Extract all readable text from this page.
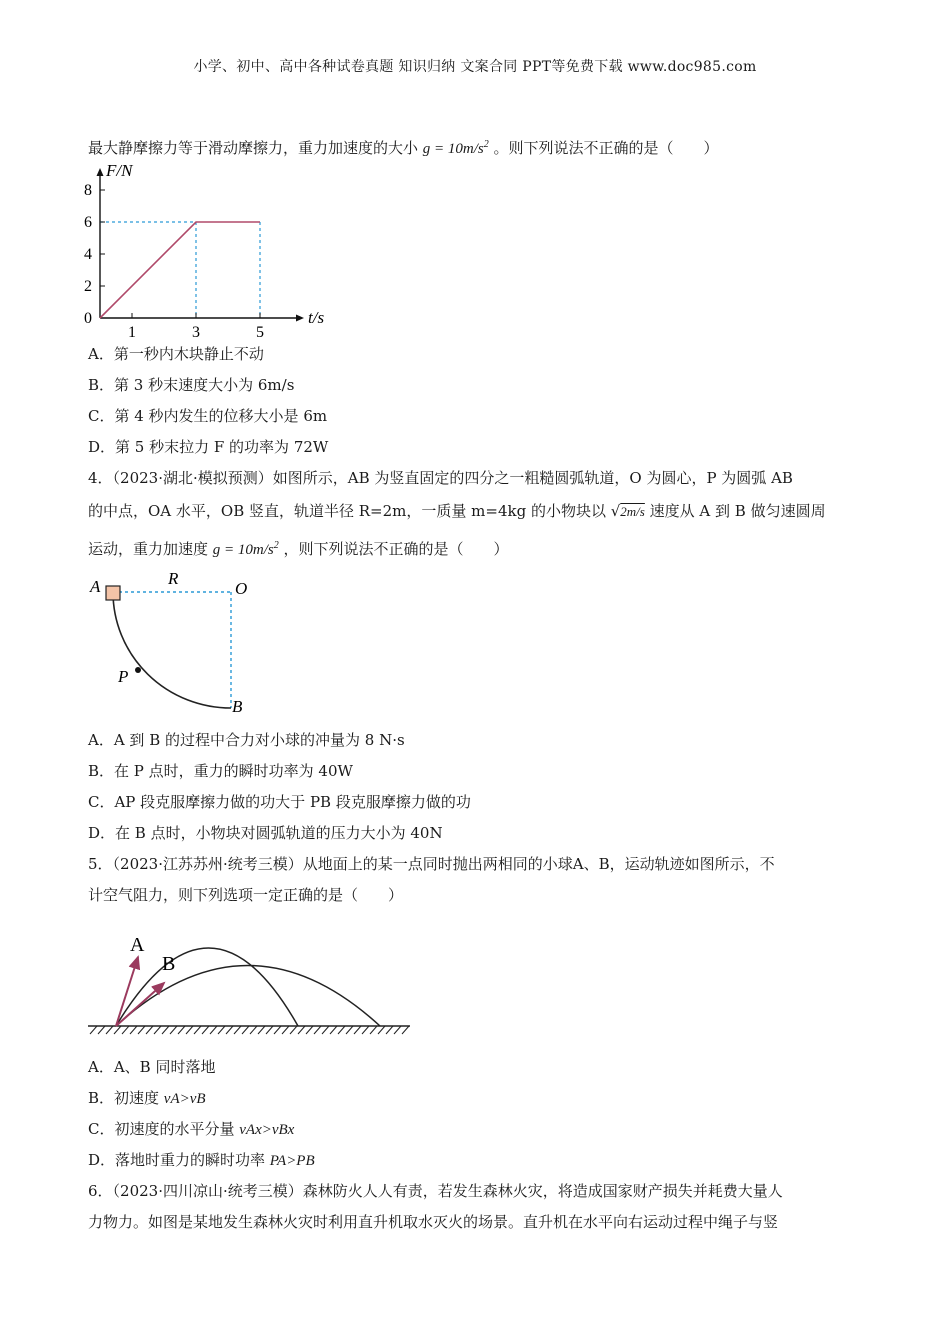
小学、初中、高中各种试卷真题 知识归纳 文案合同 PPT等免费下载 www.doc985.com
最大静摩擦力等于滑动摩擦力，重力加速度的大小 $g = 10m/s^2$ 。则下列说法不正确的是（　　）
0
2
4
6
8
1	3	5
t/s
F/N
A．第一秒内木块静止不动
B．第 3 秒末速度大小为 6m/s
C．第 4 秒内发生的位移大小是 6m
D．第 5 秒末拉力 F 的功率为 72W
4．（2023·湖北·模拟预测）如图所示，AB 为竖直固定的四分之一粗糙圆弧轨道，O 为圆心，P 为圆弧 AB
的中点，OA 水平，OB 竖直，轨道半径 R=2m，一质量 m=4kg 的小物块以 √2m/s 速度从 A 到 B 做匀速圆周
运动，重力加速度 $g = 10m/s^2$ ，则下列说法不正确的是（　　）
A	R
O
P
B
A．A 到 B 的过程中合力对小球的冲量为 8 N·s
B．在 P 点时，重力的瞬时功率为 40W
C．AP 段克服摩擦力做的功大于 PB 段克服摩擦力做的功
D．在 B 点时，小物块对圆弧轨道的压力大小为 40N
5．（2023·江苏苏州·统考三模）从地面上的某一点同时抛出两相同的小球A、B，运动轨迹如图所示，不
计空气阻力，则下列选项一定正确的是（　　）
A
B
A．A、B 同时落地
B．初速度 vA>vB
C．初速度的水平分量 vAx>vBx
D．落地时重力的瞬时功率 PA>PB
6．（2023·四川凉山·统考三模）森林防火人人有责，若发生森林火灾，将造成国家财产损失并耗费大量人
力物力。如图是某地发生森林火灾时利用直升机取水灭火的场景。直升机在水平向右运动过程中绳子与竖
